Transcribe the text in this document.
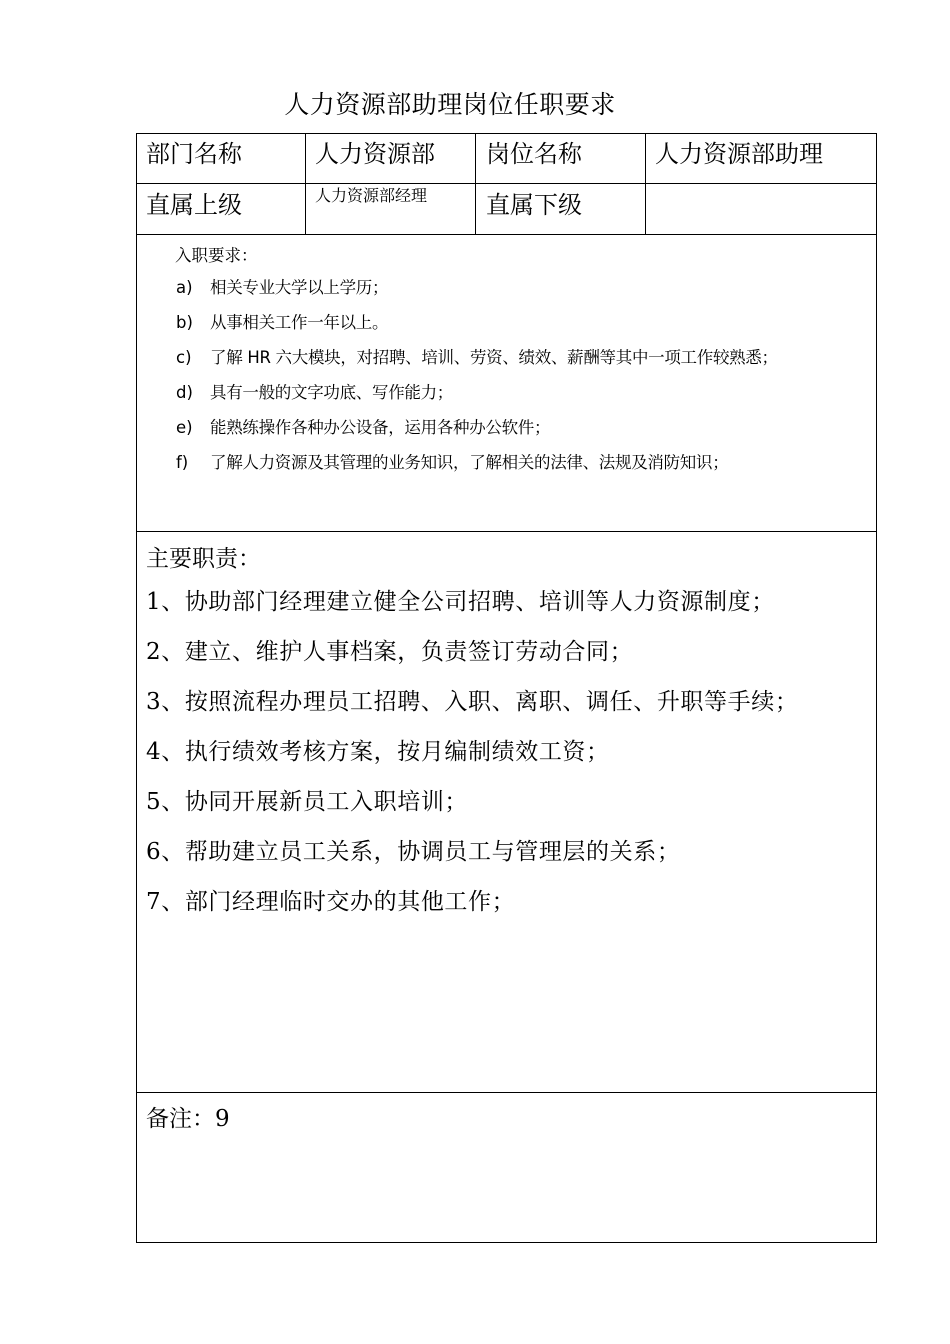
人力资源部助理岗位任职要求
部门名称	人力资源部 岗位名称	人力资源部助理
直属上级	人力资源部经理 直属下级
入职要求：
a) 相关专业大学以上学历；
b) 从事相关工作一年以上。
c) 了解 HR 六大模块，对招聘、培训、劳资、绩效、薪酬等其中一项工作较熟悉；
d) 具有一般的文字功底、写作能力；
e) 能熟练操作各种办公设备，运用各种办公软件；
f) 了解人力资源及其管理的业务知识，了解相关的法律、法规及消防知识；
主要职责：
1、协助部门经理建立健全公司招聘、培训等人力资源制度；
2、建立、维护人事档案，负责签订劳动合同；
3、按照流程办理员工招聘、入职、离职、调任、升职等手续；
4、执行绩效考核方案，按月编制绩效工资；
5、协同开展新员工入职培训；
6、帮助建立员工关系，协调员工与管理层的关系；
7、部门经理临时交办的其他工作；
备注：9
